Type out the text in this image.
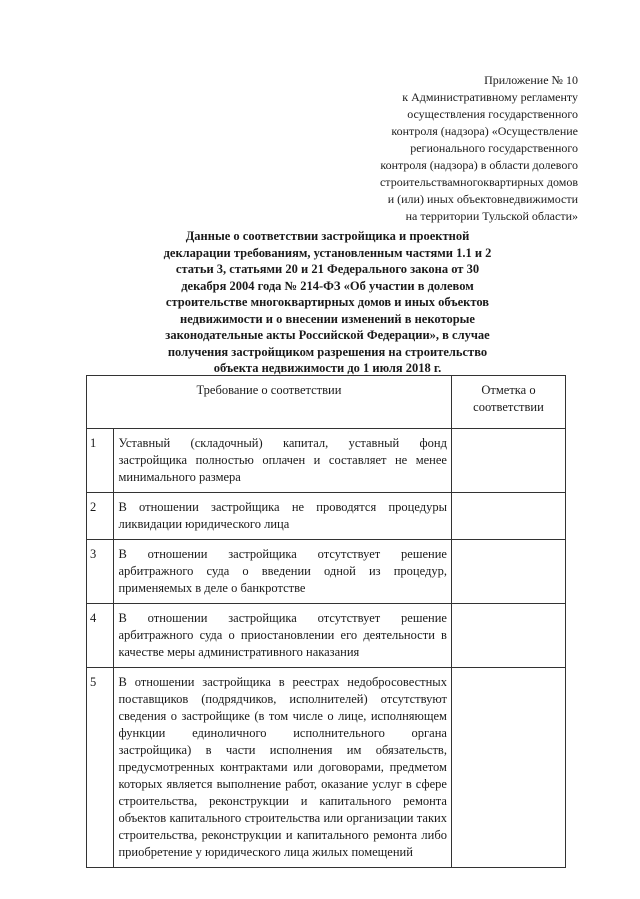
Приложение № 10
к Административному регламенту
осуществления государственного
контроля (надзора) «Осуществление
регионального государственного
контроля (надзора) в области долевого
строительствамногоквартирных домов
и (или) иных объектовнедвижимости
на территории Тульской области»
Данные о соответствии застройщика и проектной
декларации требованиям, установленным частями 1.1 и 2
статьи 3, статьями 20 и 21 Федерального закона от 30
декабря 2004 года № 214-ФЗ «Об участии в долевом
строительстве многоквартирных домов и иных объектов
недвижимости и о внесении изменений в некоторые
законодательные акты Российской Федерации», в случае
получения застройщиком разрешения на строительство
объекта недвижимости до 1 июля 2018 г.
Требование о соответствии		Отметка о соответствии
1	Уставный (складочный) капитал, уставный фонд застройщика полностью оплачен и составляет не менее минимального размера	
2	В отношении застройщика не проводятся процедуры ликвидации юридического лица	
3	В отношении застройщика отсутствует решение арбитражного суда о введении одной из процедур, применяемых в деле о банкротстве	
4	В отношении застройщика отсутствует решение арбитражного суда о приостановлении его деятельности в качестве меры административного наказания	
5	В отношении застройщика в реестрах недобросовестных поставщиков (подрядчиков, исполнителей) отсутствуют сведения о застройщике (в том числе о лице, исполняющем функции единоличного исполнительного органа застройщика) в части исполнения им обязательств, предусмотренных контрактами или договорами, предметом которых является выполнение работ, оказание услуг в сфере строительства, реконструкции и капитального ремонта объектов капитального строительства или организации таких строительства, реконструкции и капитального ремонта либо приобретение у юридического лица жилых помещений	
